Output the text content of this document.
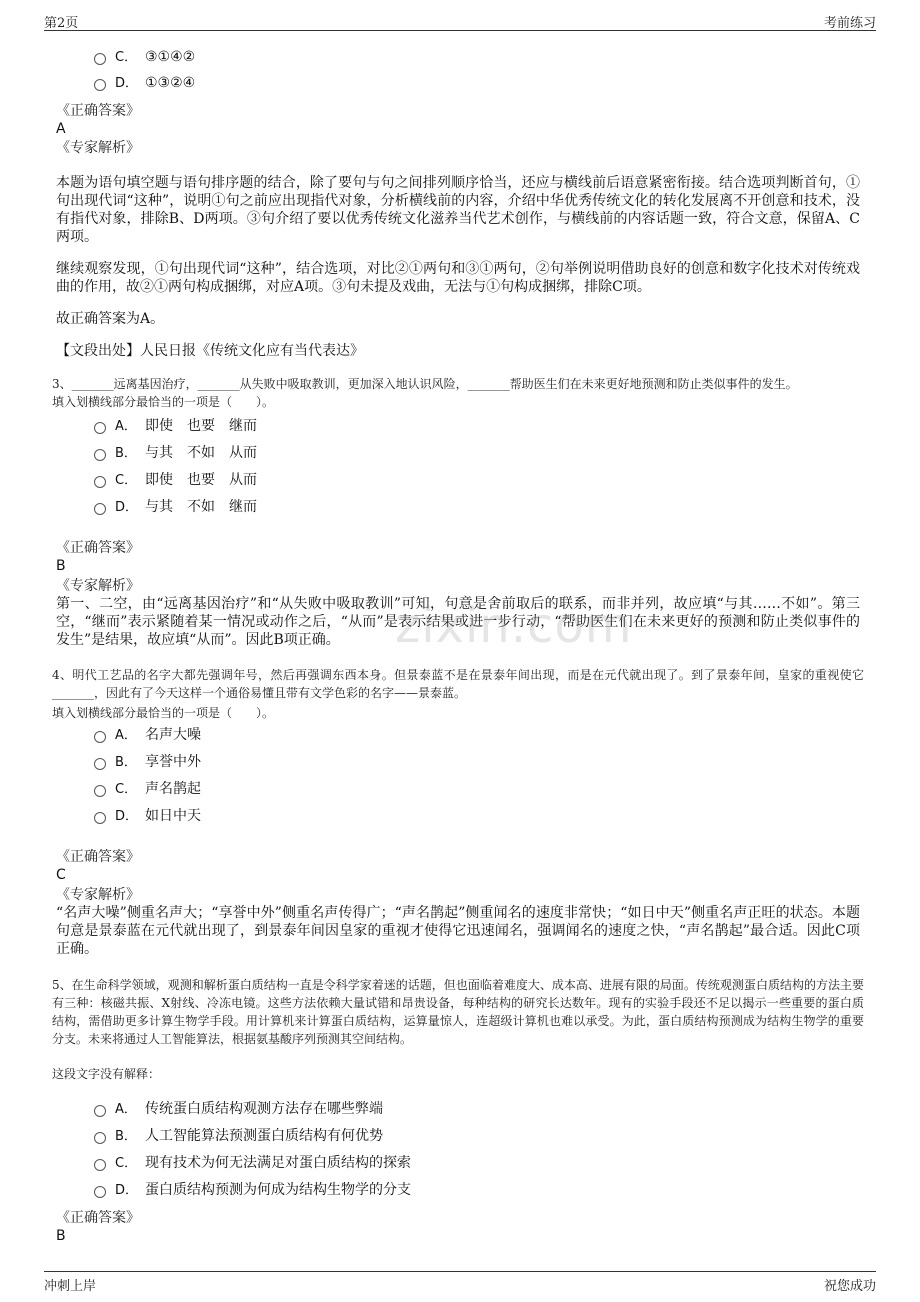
第2页	考前练习
C． ③①④②
D． ①③②④
《正确答案》
A
《专家解析》
本题为语句填空题与语句排序题的结合，除了要句与句之间排列顺序恰当，还应与横线前后语意紧密衔接。结合选项判断首句，①句出现代词“这种”，说明①句之前应出现指代对象，分析横线前的内容，介绍中华优秀传统文化的转化发展离不开创意和技术，没有指代对象，排除B、D两项。③句介绍了要以优秀传统文化滋养当代艺术创作，与横线前的内容话题一致，符合文意，保留A、C两项。
继续观察发现，①句出现代词“这种”，结合选项，对比②①两句和③①两句，②句举例说明借助良好的创意和数字化技术对传统戏曲的作用，故②①两句构成捆绑，对应A项。③句未提及戏曲，无法与①句构成捆绑，排除C项。
故正确答案为A。
【文段出处】人民日报《传统文化应有当代表达》
3、_______远离基因治疗，_______从失败中吸取教训，更加深入地认识风险，_______帮助医生们在未来更好地预测和防止类似事件的发生。
填入划横线部分最恰当的一项是（　　）。
A． 即使　也要　继而
B． 与其　不如　从而
C． 即使　也要　从而
D． 与其　不如　继而
《正确答案》
B
《专家解析》
第一、二空，由“远离基因治疗”和“从失败中吸取教训”可知，句意是舍前取后的联系，而非并列，故应填“与其……不如”。第三空，“继而”表示紧随着某一情况或动作之后，“从而”是表示结果或进一步行动，“帮助医生们在未来更好的预测和防止类似事件的发生”是结果，故应填“从而”。因此B项正确。	zixin.com
4、明代工艺品的名字大都先强调年号，然后再强调东西本身。但景泰蓝不是在景泰年间出现，而是在元代就出现了。到了景泰年间，皇家的重视使它_______，因此有了今天这样一个通俗易懂且带有文学色彩的名字——景泰蓝。
填入划横线部分最恰当的一项是（　　）。
A． 名声大噪
B． 享誉中外
C． 声名鹊起
D． 如日中天
《正确答案》
C
《专家解析》
“名声大噪”侧重名声大；“享誉中外”侧重名声传得广；“声名鹊起”侧重闻名的速度非常快；“如日中天”侧重名声正旺的状态。本题句意是景泰蓝在元代就出现了，到景泰年间因皇家的重视才使得它迅速闻名，强调闻名的速度之快，“声名鹊起”最合适。因此C项正确。
5、在生命科学领域，观测和解析蛋白质结构一直是令科学家着迷的话题，但也面临着难度大、成本高、进展有限的局面。传统观测蛋白质结构的方法主要有三种：核磁共振、X射线、冷冻电镜。这些方法依赖大量试错和昂贵设备，每种结构的研究长达数年。现有的实验手段还不足以揭示一些重要的蛋白质结构，需借助更多计算生物学手段。用计算机来计算蛋白质结构，运算量惊人，连超级计算机也难以承受。为此，蛋白质结构预测成为结构生物学的重要分支。未来将通过人工智能算法，根据氨基酸序列预测其空间结构。
这段文字没有解释：
A． 传统蛋白质结构观测方法存在哪些弊端
B． 人工智能算法预测蛋白质结构有何优势
C． 现有技术为何无法满足对蛋白质结构的探索
D． 蛋白质结构预测为何成为结构生物学的分支
《正确答案》
B
冲刺上岸	祝您成功
